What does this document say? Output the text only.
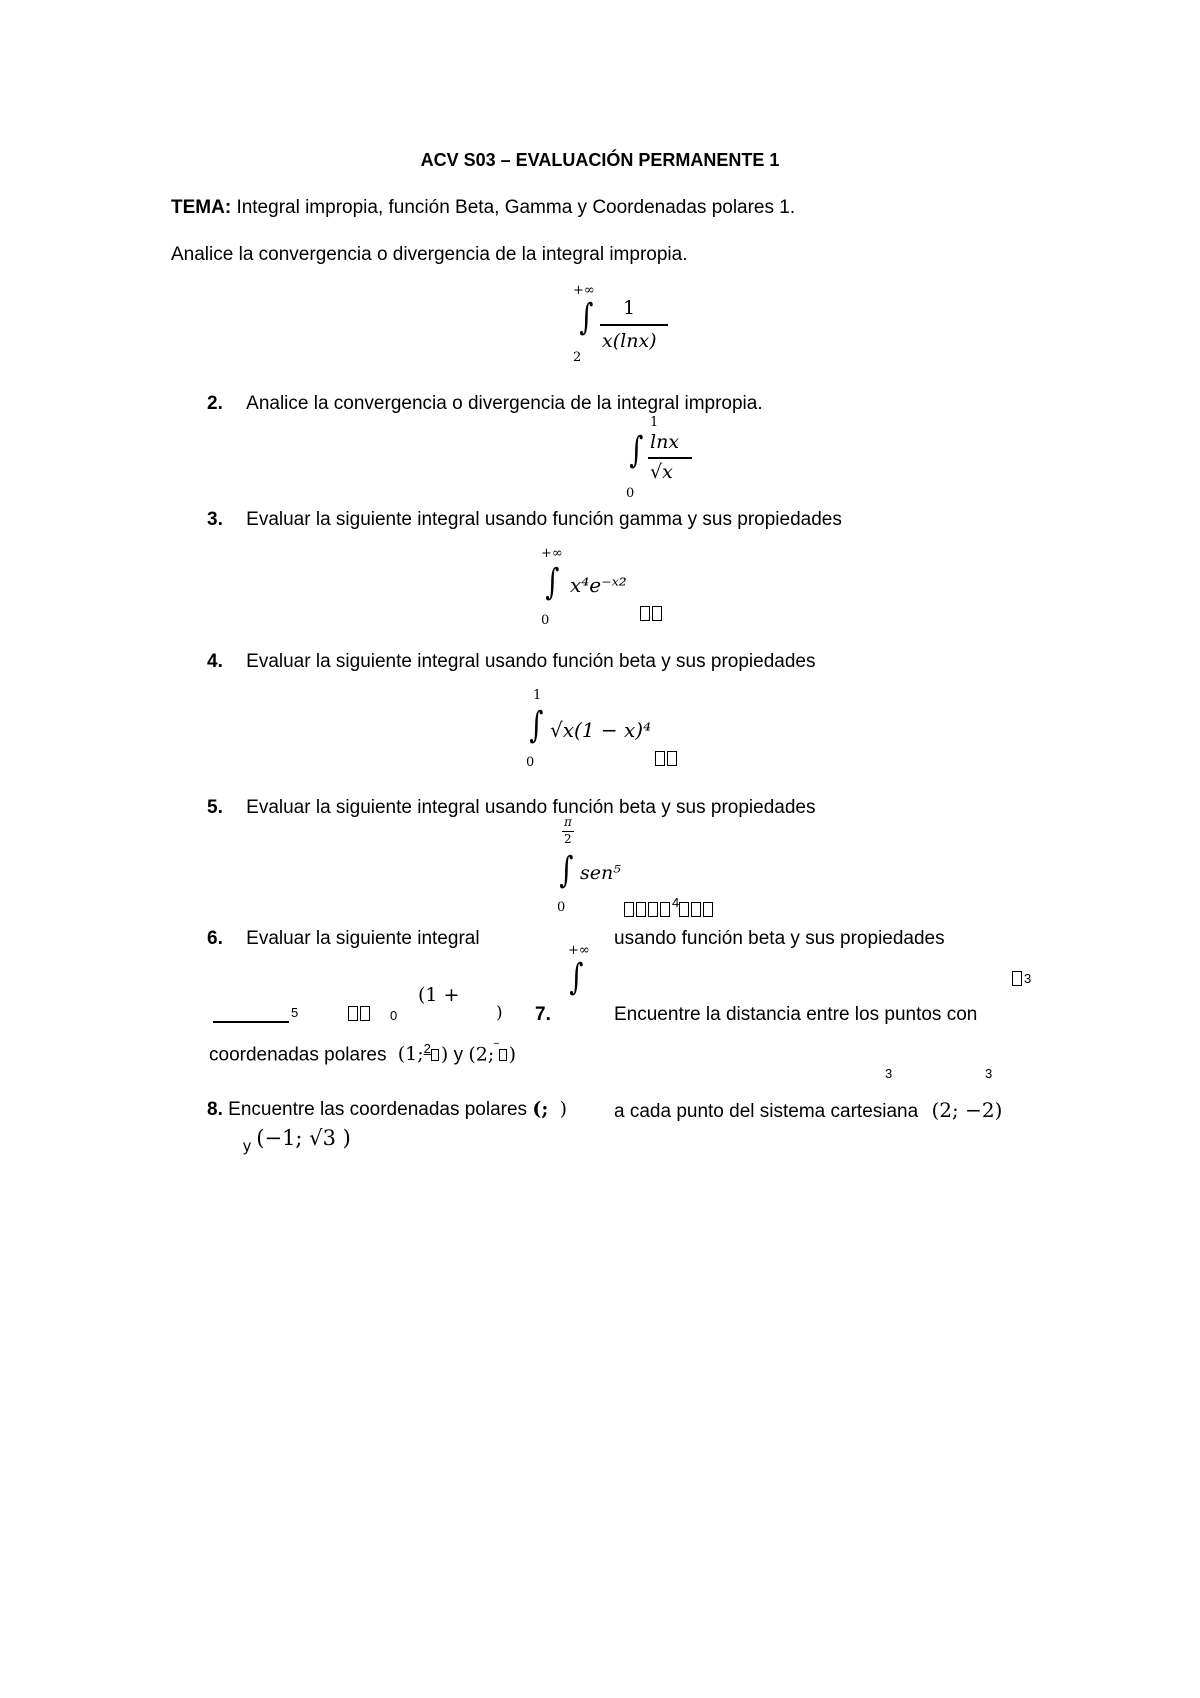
ACV S03 – EVALUACIÓN PERMANENTE 1
TEMA: Integral impropia, función Beta, Gamma y Coordenadas polares 1.
Analice la convergencia o divergencia de la integral impropia.
+∞
∫
2
1
x(lnx)
2. Analice la convergencia o divergencia de la integral impropia.
1
∫
0
lnx
√x
3. Evaluar la siguiente integral usando función gamma y sus propiedades
+∞
∫
0
x⁴e⁻ˣ²
4. Evaluar la siguiente integral usando función beta y sus propiedades
1
∫
0
√x(1 − x)⁴
5. Evaluar la siguiente integral usando función beta y sus propiedades
π
2
∫
0
sen⁵
$^4$
6. Evaluar la siguiente integral
+∞
∫
usando función beta y sus propiedades
3
5	0
(1 +
) 7.	Encuentre la distancia entre los puntos con
coordenadas polares (1;$^2$ ) y (2;‾ )
3	3
8. Encuentre las coordenadas polares (; ) a cada punto del sistema cartesiana (2; −2)
$_y$ (−1; √3 )
